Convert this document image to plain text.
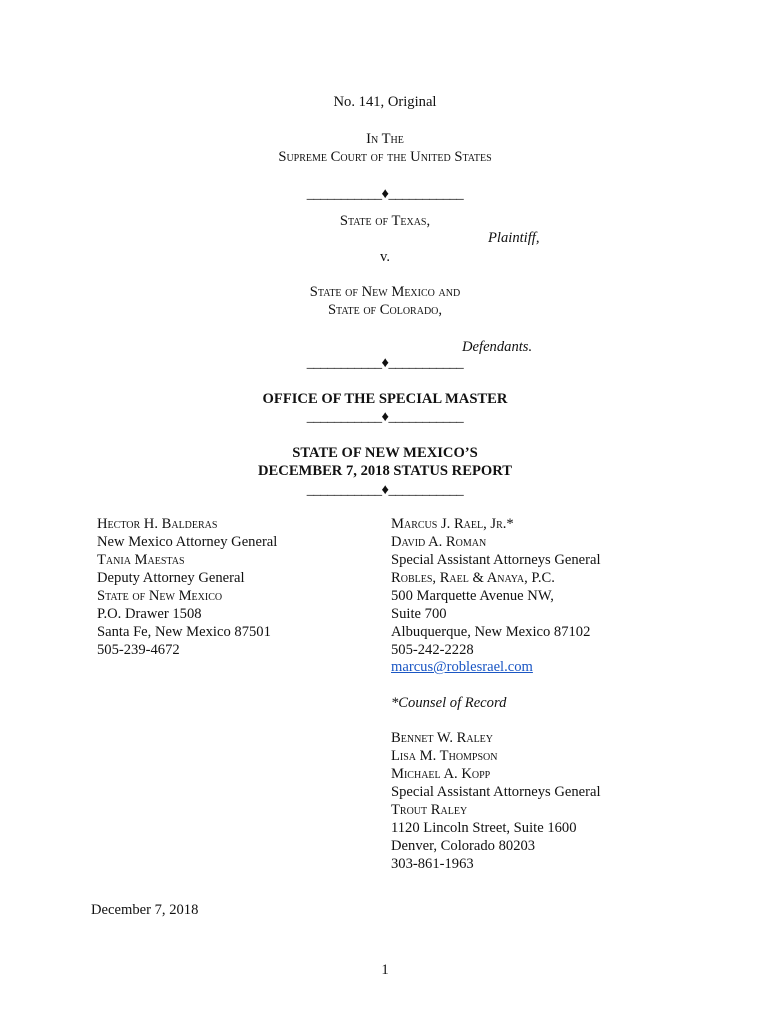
No. 141, Original
In The
Supreme Court of the United States
___________♦___________
State of Texas,
Plaintiff,
v.
State of New Mexico and
State of Colorado,
Defendants.
___________♦___________
OFFICE OF THE SPECIAL MASTER
___________♦___________
STATE OF NEW MEXICO’S
DECEMBER 7, 2018 STATUS REPORT
___________♦___________
Hector H. Balderas
New Mexico Attorney General
Tania Maestas
Deputy Attorney General
State of New Mexico
P.O. Drawer 1508
Santa Fe, New Mexico 87501
505-239-4672
Marcus J. Rael, Jr.*
David A. Roman
Special Assistant Attorneys General
Robles, Rael & Anaya, P.C.
500 Marquette Avenue NW,
Suite 700
Albuquerque, New Mexico 87102
505-242-2228
marcus@roblesrael.com
*Counsel of Record
Bennet W. Raley
Lisa M. Thompson
Michael A. Kopp
Special Assistant Attorneys General
Trout Raley
1120 Lincoln Street, Suite 1600
Denver, Colorado 80203
303-861-1963
December 7, 2018
1
